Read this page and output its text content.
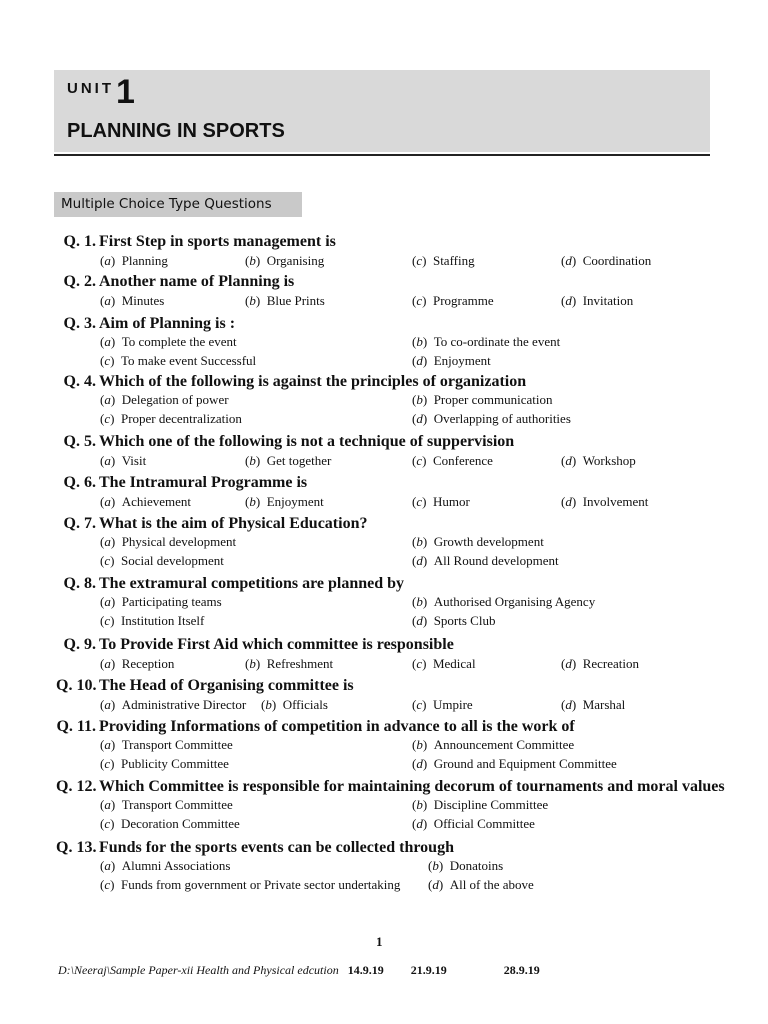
UNIT 1
PLANNING IN SPORTS
Multiple Choice Type Questions
Q. 1. First Step in sports management is
(a)  Planning	(b)  Organising	(c)  Staffing	(d)  Coordination
Q. 2. Another name of Planning is
(a)  Minutes	(b)  Blue Prints	(c)  Programme	(d)  Invitation
Q. 3. Aim of Planning is :
(a)  To complete the event	(b)  To co-ordinate the event
(c)  To make event Successful	(d)  Enjoyment
Q. 4. Which of the following is against the principles of organization
(a)  Delegation of power	(b)  Proper communication
(c)  Proper decentralization	(d)  Overlapping of authorities
Q. 5. Which one of the following is not a technique of suppervision
(a)  Visit	(b)  Get together	(c)  Conference	(d)  Workshop
Q. 6. The Intramural Programme is
(a)  Achievement	(b)  Enjoyment	(c)  Humor	(d)  Involvement
Q. 7. What is the aim of Physical Education?
(a)  Physical development	(b)  Growth development
(c)  Social development	(d)  All Round development
Q. 8. The extramural competitions are planned by
(a)  Participating teams	(b)  Authorised Organising Agency
(c)  Institution Itself	(d)  Sports Club
Q. 9. To Provide First Aid which committee is responsible
(a)  Reception	(b)  Refreshment	(c)  Medical	(d)  Recreation
Q. 10. The Head of Organising committee is
(a)  Administrative Director (b)  Officials	(c)  Umpire	(d)  Marshal
Q. 11. Providing Informations of competition in advance to all is the work of
(a)  Transport Committee	(b)  Announcement Committee
(c)  Publicity Committee	(d)  Ground and Equipment Committee
Q. 12. Which Committee is responsible for maintaining decorum of tournaments and moral values
(a)  Transport Committee	(b)  Discipline Committee
(c)  Decoration Committee	(d)  Official Committee
Q. 13. Funds for the sports events can be collected through
(a)  Alumni Associations	(b)  Donatoins
(c)  Funds from government or Private sector undertaking (d)  All of the above
1
D:\Neeraj\Sample Paper-xii Health and Physical edcution 14.9.19 21.9.19	28.9.19
